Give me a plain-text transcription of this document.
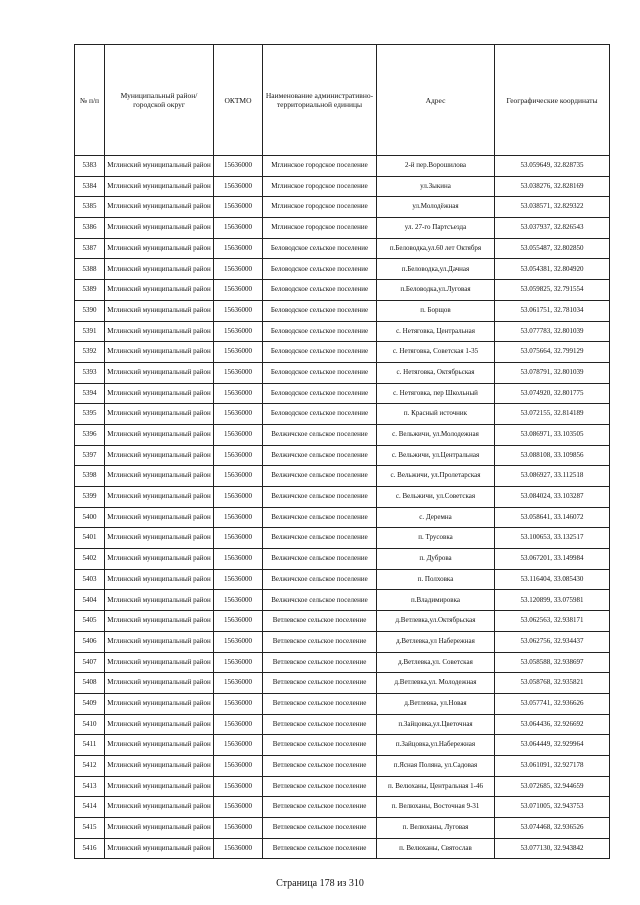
№ п/п	Муниципальный район/городской округ	ОКТМО	Наименование административно-территориальной единицы	Адрес	Географические координаты
5383	Мглинский муниципальный район	15636000	Мглинское городское поселение	2-й пер.Ворошилова	53.059649, 32.828735
5384	Мглинский муниципальный район	15636000	Мглинское городское поселение	ул.Зыкина	53.038276, 32.828169
5385	Мглинский муниципальный район	15636000	Мглинское городское поселение	ул.Молодёжная	53.038571, 32.829322
5386	Мглинский муниципальный район	15636000	Мглинское городское поселение	ул. 27-го Партсъезда	53.037937, 32.826543
5387	Мглинский муниципальный район	15636000	Беловодское сельское поселение	п.Беловодка,ул.60 лет Октября	53.055487, 32.802850
5388	Мглинский муниципальный район	15636000	Беловодское сельское поселение	п.Беловодка,ул.Дачная	53.054381, 32.804920
5389	Мглинский муниципальный район	15636000	Беловодское сельское поселение	п.Беловодка,ул.Луговая	53.059825, 32.791554
5390	Мглинский муниципальный район	15636000	Беловодское сельское поселение	п. Борщов	53.061751, 32.781034
5391	Мглинский муниципальный район	15636000	Беловодское сельское поселение	с. Нетяговка, Центральная	53.077783, 32.801039
5392	Мглинский муниципальный район	15636000	Беловодское сельское поселение	с. Нетяговка, Советская 1-35	53.075664, 32.799129
5393	Мглинский муниципальный район	15636000	Беловодское сельское поселение	с. Нетяговка, Октябрьская	53.078791, 32.801039
5394	Мглинский муниципальный район	15636000	Беловодское сельское поселение	с. Нетяговка, пер Школьный	53.074920, 32.801775
5395	Мглинский муниципальный район	15636000	Беловодское сельское поселение	п. Красный источник	53.072155, 32.814189
5396	Мглинский муниципальный район	15636000	Велжичское сельское поселение	с. Вельжичи, ул.Молодежная	53.086971, 33.103505
5397	Мглинский муниципальный район	15636000	Велжичское сельское поселение	с. Вельжичи, ул.Центральная	53.088108, 33.109856
5398	Мглинский муниципальный район	15636000	Велжичское сельское поселение	с. Вельжичи, ул.Пролетарская	53.086927, 33.112518
5399	Мглинский муниципальный район	15636000	Велжичское сельское поселение	с. Вельжичи, ул.Советская	53.084024, 33.103287
5400	Мглинский муниципальный район	15636000	Велжичское сельское поселение	с. Деремна	53.058641, 33.146072
5401	Мглинский муниципальный район	15636000	Велжичское сельское поселение	п. Трусовка	53.100653, 33.132517
5402	Мглинский муниципальный район	15636000	Велжичское сельское поселение	п. Дуброва	53.067201, 33.149984
5403	Мглинский муниципальный район	15636000	Велжичское сельское поселение	п. Полховка	53.116404, 33.085430
5404	Мглинский муниципальный район	15636000	Велжичское сельское поселение	п.Владимировка	53.120899, 33.075981
5405	Мглинский муниципальный район	15636000	Ветлевское сельское поселение	д.Ветлевка,ул.Октябрьская	53.062563, 32.938171
5406	Мглинский муниципальный район	15636000	Ветлевское сельское поселение	д.Ветлевка,ул Набережная	53.062756, 32.934437
5407	Мглинский муниципальный район	15636000	Ветлевское сельское поселение	д.Ветлевка,ул. Советская	53.058588, 32.938697
5408	Мглинский муниципальный район	15636000	Ветлевское сельское поселение	д.Ветлевка,ул. Молодежная	53.058768, 32.935821
5409	Мглинский муниципальный район	15636000	Ветлевское сельское поселение	д.Ветлевка, ул.Новая	53.057741, 32.936626
5410	Мглинский муниципальный район	15636000	Ветлевское сельское поселение	п.Зайцовка,ул.Цветочная	53.064436, 32.926692
5411	Мглинский муниципальный район	15636000	Ветлевское сельское поселение	п.Зайцовка,ул.Набережная	53.064449, 32.929964
5412	Мглинский муниципальный район	15636000	Ветлевское сельское поселение	п.Ясная Поляна, ул.Садовая	53.061091, 32.927178
5413	Мглинский муниципальный район	15636000	Ветлевское сельское поселение	п. Велюханы, Центральная 1-46	53.072685, 32.944659
5414	Мглинский муниципальный район	15636000	Ветлевское сельское поселение	п. Велюханы, Восточная 9-31	53.071005, 32.943753
5415	Мглинский муниципальный район	15636000	Ветлевское сельское поселение	п. Велюханы, Луговая	53.074468, 32.936526
5416	Мглинский муниципальный район	15636000	Ветлевское сельское поселение	п. Велюханы, Святослав	53.077130, 32.943842
Страница 178 из 310
